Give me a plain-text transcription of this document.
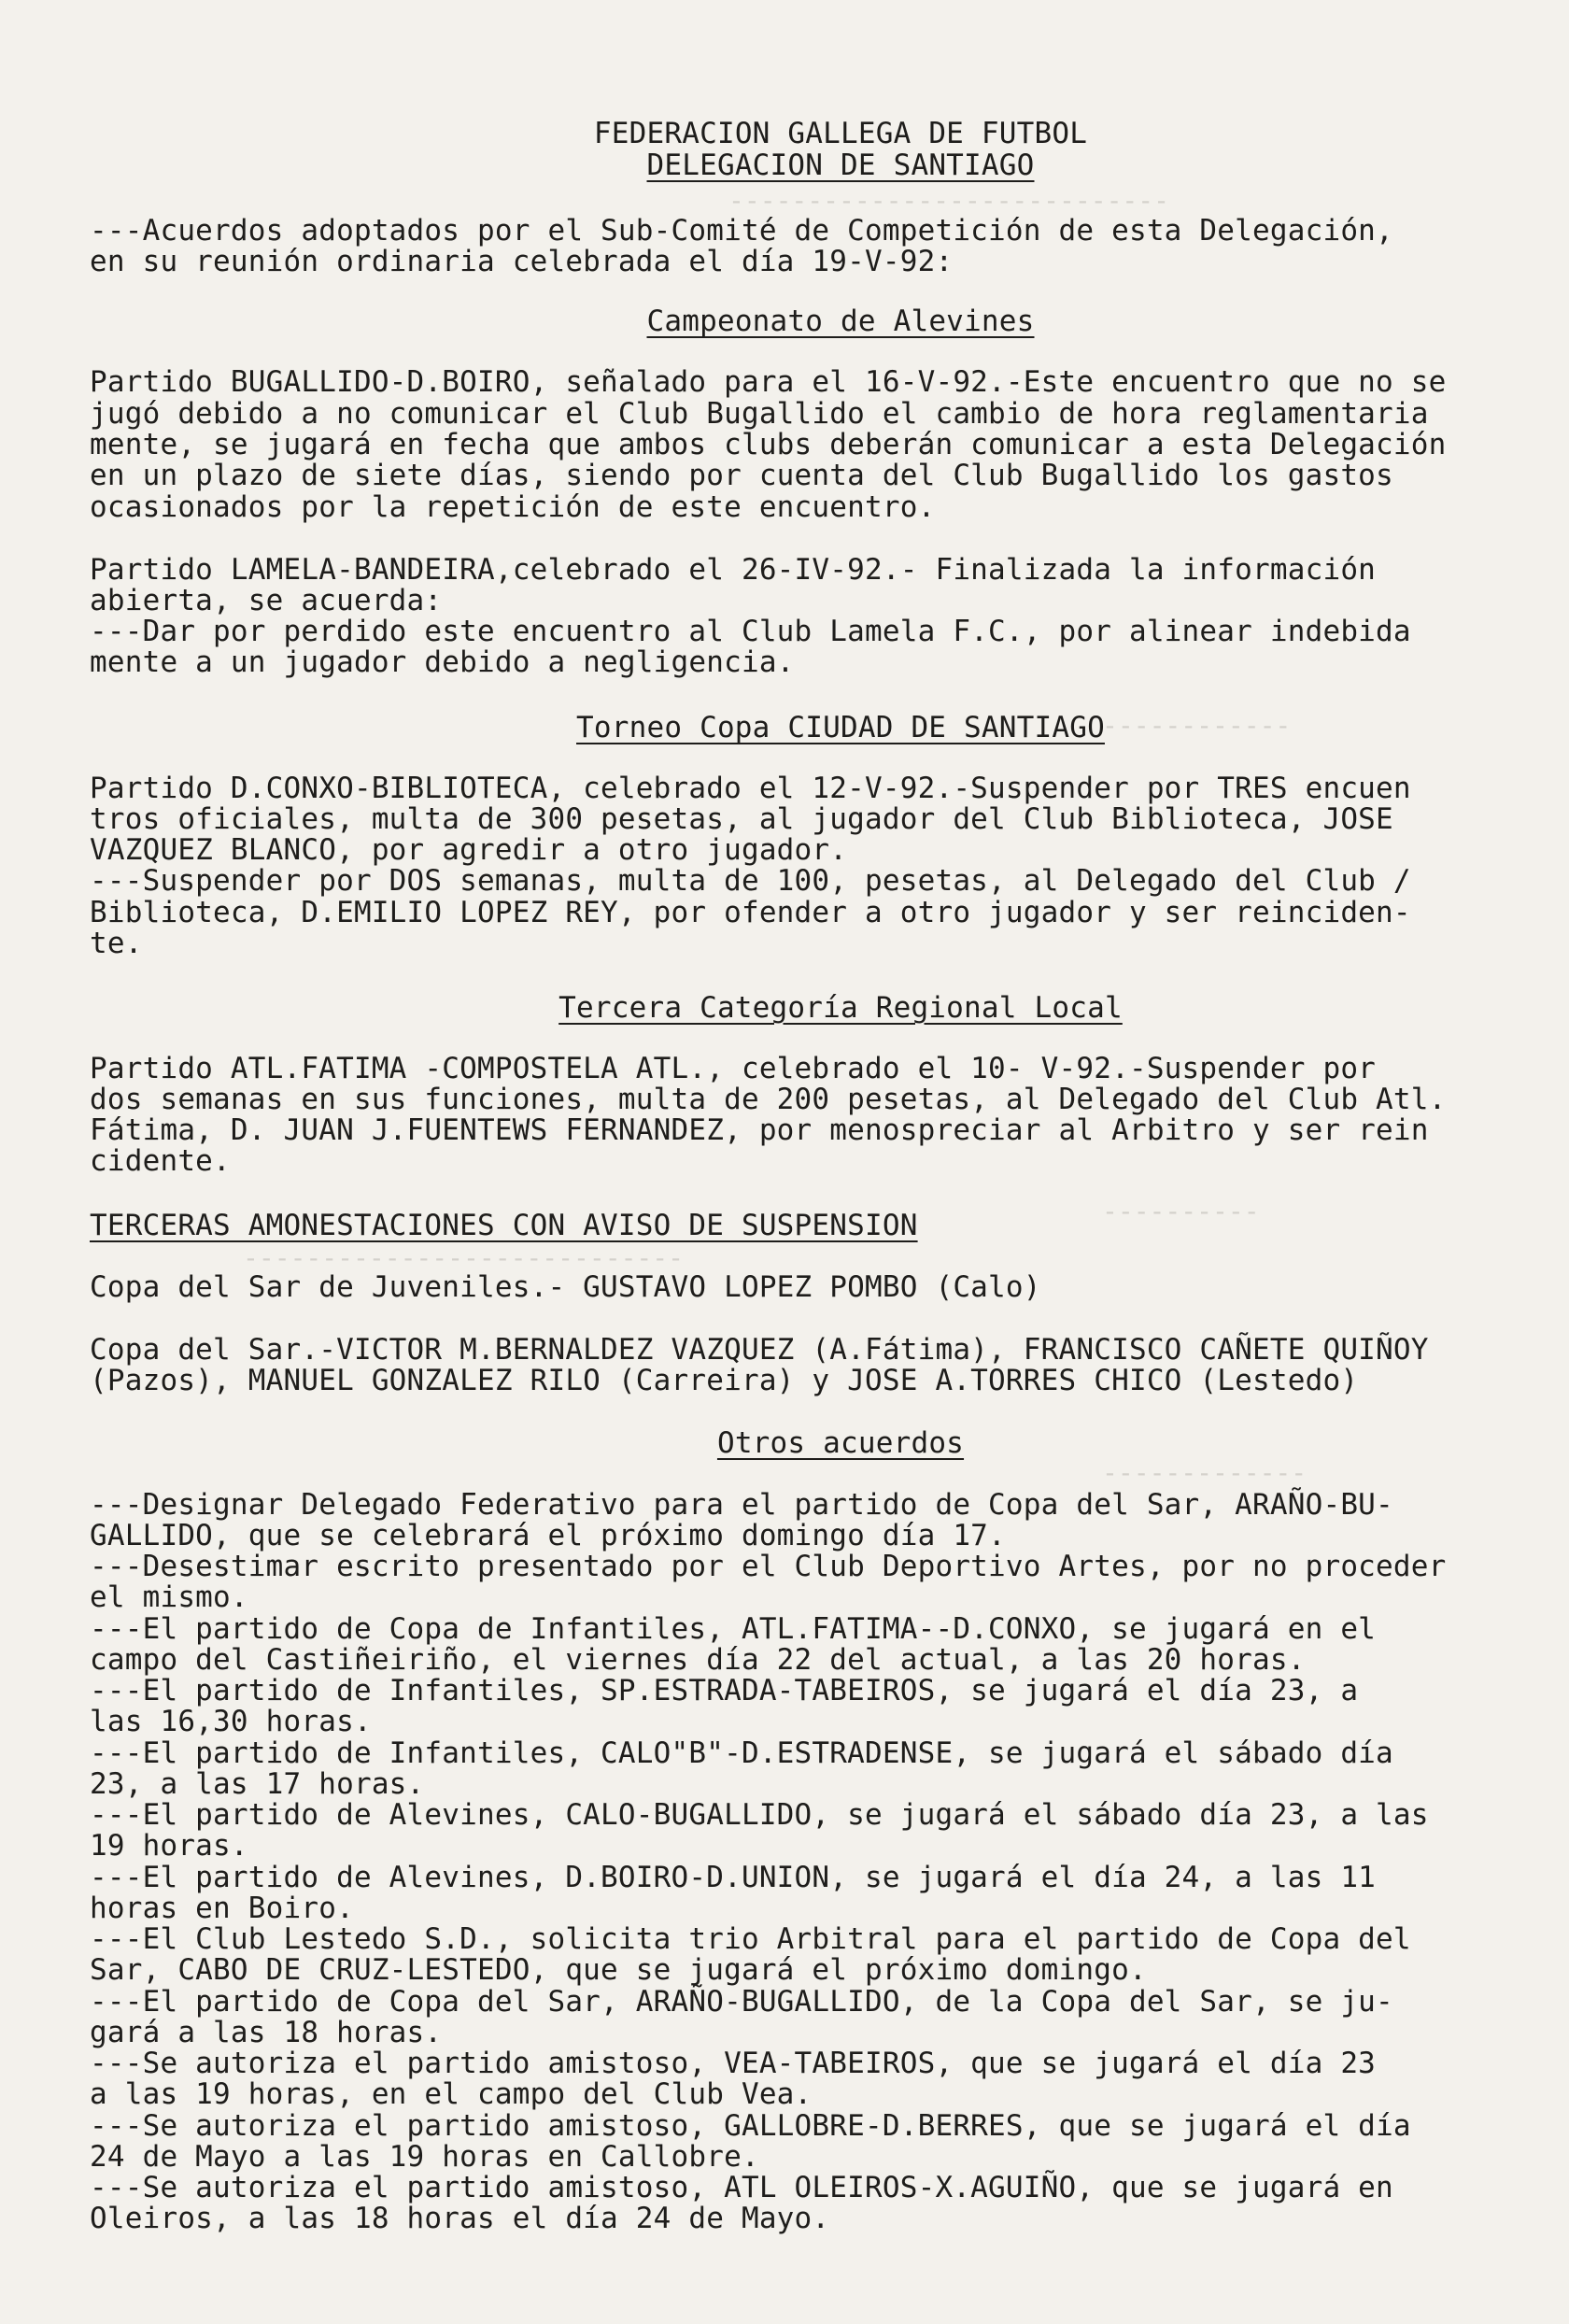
----------------------------
------------
----------
----------------------------
-------------
FEDERACION GALLEGA DE FUTBOL
DELEGACION DE SANTIAGO
---Acuerdos adoptados por el Sub-Comité de Competición de esta Delegación,
en su reunión ordinaria celebrada el día 19-V-92:
Campeonato de Alevines
Partido BUGALLIDO-D.BOIRO, señalado para el 16-V-92.-Este encuentro que no se
jugó debido a no comunicar el Club Bugallido el cambio de hora reglamentaria
mente, se jugará en fecha que ambos clubs deberán comunicar a esta Delegación
en un plazo de siete días, siendo por cuenta del Club Bugallido los gastos
ocasionados por la repetición de este encuentro.
Partido LAMELA-BANDEIRA,celebrado el 26-IV-92.- Finalizada la información
abierta, se acuerda:
---Dar por perdido este encuentro al Club Lamela F.C., por alinear indebida
mente a un jugador debido a negligencia.
Torneo Copa CIUDAD DE SANTIAGO
Partido D.CONXO-BIBLIOTECA, celebrado el 12-V-92.-Suspender por TRES encuen
tros oficiales, multa de 300 pesetas, al jugador del Club Biblioteca, JOSE
VAZQUEZ BLANCO, por agredir a otro jugador.
---Suspender por DOS semanas, multa de 100, pesetas, al Delegado del Club /
Biblioteca, D.EMILIO LOPEZ REY, por ofender a otro jugador y ser reinciden-
te.
Tercera Categoría Regional Local
Partido ATL.FATIMA -COMPOSTELA ATL., celebrado el 10- V-92.-Suspender por
dos semanas en sus funciones, multa de 200 pesetas, al Delegado del Club Atl.
Fátima, D. JUAN J.FUENTEWS FERNANDEZ, por menospreciar al Arbitro y ser rein
cidente.
TERCERAS AMONESTACIONES CON AVISO DE SUSPENSION
Copa del Sar de Juveniles.- GUSTAVO LOPEZ POMBO (Calo)
Copa del Sar.-VICTOR M.BERNALDEZ VAZQUEZ (A.Fátima), FRANCISCO CAÑETE QUIÑOY
(Pazos), MANUEL GONZALEZ RILO (Carreira) y JOSE A.TORRES CHICO (Lestedo)
Otros acuerdos
---Designar Delegado Federativo para el partido de Copa del Sar, ARAÑO-BU-
GALLIDO, que se celebrará el próximo domingo día 17.
---Desestimar escrito presentado por el Club Deportivo Artes, por no proceder
el mismo.
---El partido de Copa de Infantiles, ATL.FATIMA--D.CONXO, se jugará en el
campo del Castiñeiriño, el viernes día 22 del actual, a las 20 horas.
---El partido de Infantiles, SP.ESTRADA-TABEIROS, se jugará el día 23, a
las 16,30 horas.
---El partido de Infantiles, CALO"B"-D.ESTRADENSE, se jugará el sábado día
23, a las 17 horas.
---El partido de Alevines, CALO-BUGALLIDO, se jugará el sábado día 23, a las
19 horas.
---El partido de Alevines, D.BOIRO-D.UNION, se jugará el día 24, a las 11
horas en Boiro.
---El Club Lestedo S.D., solicita trio Arbitral para el partido de Copa del
Sar, CABO DE CRUZ-LESTEDO, que se jugará el próximo domingo.
---El partido de Copa del Sar, ARAÑO-BUGALLIDO, de la Copa del Sar, se ju-
gará a las 18 horas.
---Se autoriza el partido amistoso, VEA-TABEIROS, que se jugará el día 23
a las 19 horas, en el campo del Club Vea.
---Se autoriza el partido amistoso, GALLOBRE-D.BERRES, que se jugará el día
24 de Mayo a las 19 horas en Callobre.
---Se autoriza el partido amistoso, ATL OLEIROS-X.AGUIÑO, que se jugará en
Oleiros, a las 18 horas el día 24 de Mayo.
